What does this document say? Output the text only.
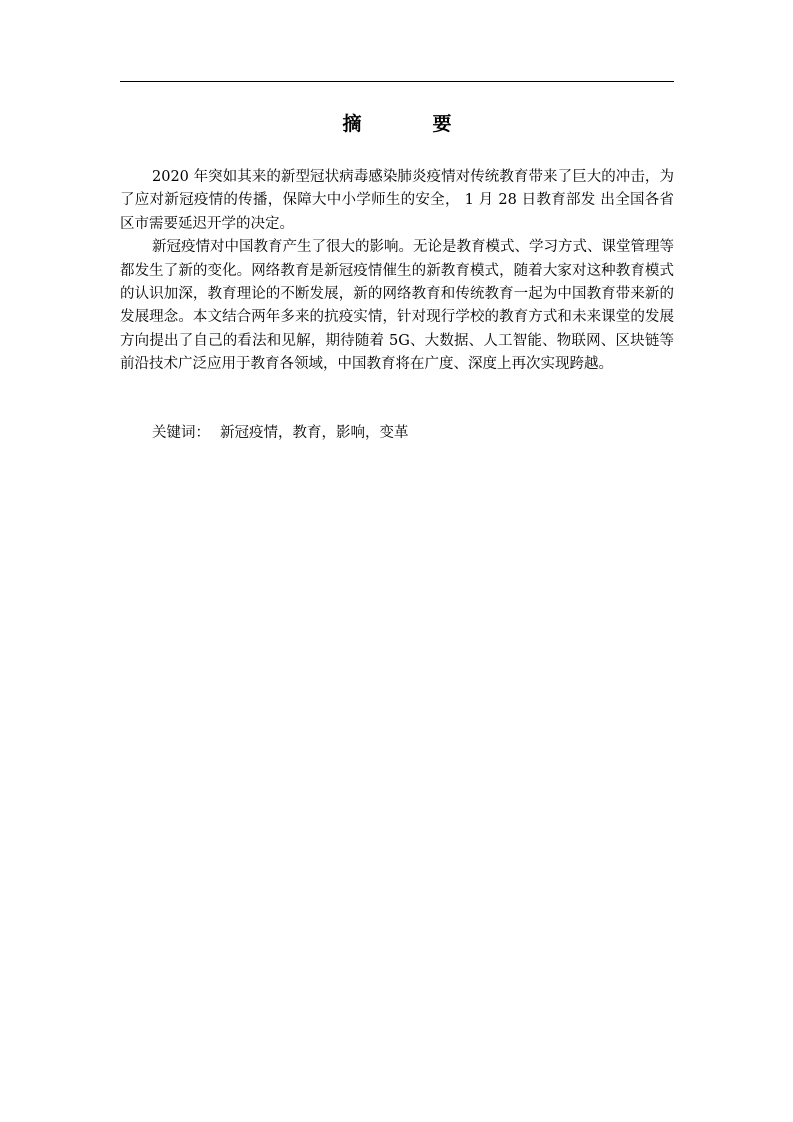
摘　要

2020 年突如其来的新型冠状病毒感染肺炎疫情对传统教育带来了巨大的冲击，为了应对新冠疫情的传播，保障大中小学师生的安全， 1 月 28 日教育部发 出全国各省区市需要延迟开学的决定。

新冠疫情对中国教育产生了很大的影响。无论是教育模式、学习方式、课堂管理等都发生了新的变化。网络教育是新冠疫情催生的新教育模式，随着大家对这种教育模式的认识加深，教育理论的不断发展，新的网络教育和传统教育一起为中国教育带来新的发展理念。本文结合两年多来的抗疫实情，针对现行学校的教育方式和未来课堂的发展方向提出了自己的看法和见解，期待随着 5G、大数据、人工智能、物联网、区块链等前沿技术广泛应用于教育各领域，中国教育将在广度、深度上再次实现跨越。

关键词： 新冠疫情，教育，影响，变革
